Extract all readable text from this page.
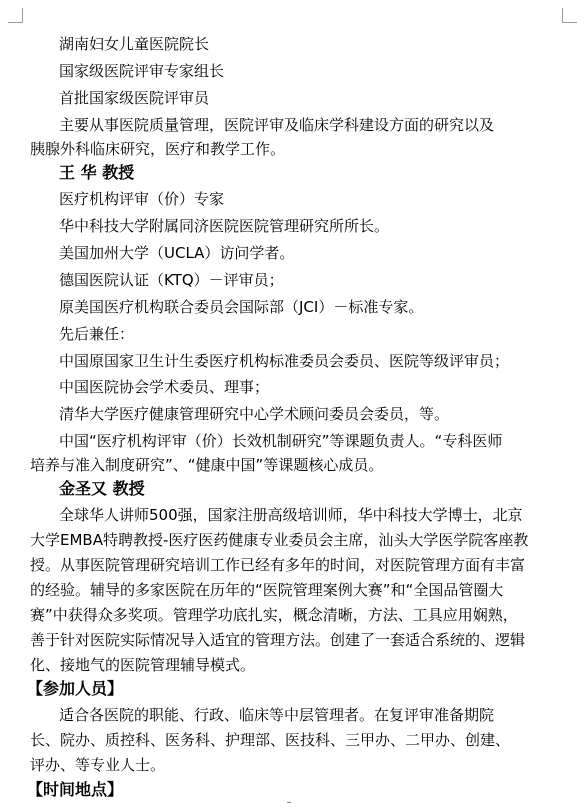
湖南妇女儿童医院院长
国家级医院评审专家组长
首批国家级医院评审员
主要从事医院质量管理，医院评审及临床学科建设方面的研究以及
胰腺外科临床研究，医疗和教学工作。
王 华 教授
医疗机构评审（价）专家
华中科技大学附属同济医院医院管理研究所所长。
美国加州大学（UCLA）访问学者。
德国医院认证（KTQ）－评审员；
原美国医疗机构联合委员会国际部（JCI）－标准专家。
先后兼任：
中国原国家卫生计生委医疗机构标准委员会委员、医院等级评审员；
中国医院协会学术委员、理事；
清华大学医疗健康管理研究中心学术顾问委员会委员，等。
中国“医疗机构评审（价）长效机制研究”等课题负责人。“专科医师
培养与准入制度研究”、“健康中国”等课题核心成员。
金圣又 教授
全球华人讲师500强，国家注册高级培训师，华中科技大学博士，北京
大学EMBA特聘教授-医疗医药健康专业委员会主席，汕头大学医学院客座教
授。从事医院管理研究培训工作已经有多年的时间，对医院管理方面有丰富
的经验。辅导的多家医院在历年的“医院管理案例大赛”和“全国品管圈大
赛”中获得众多奖项。管理学功底扎实，概念清晰，方法、工具应用娴熟，
善于针对医院实际情况导入适宜的管理方法。创建了一套适合系统的、逻辑
化、接地气的医院管理辅导模式。
【参加人员】
适合各医院的职能、行政、临床等中层管理者。在复评审准备期院
长、院办、质控科、医务科、护理部、医技科、三甲办、二甲办、创建、
评办、等专业人士。
【时间地点】
